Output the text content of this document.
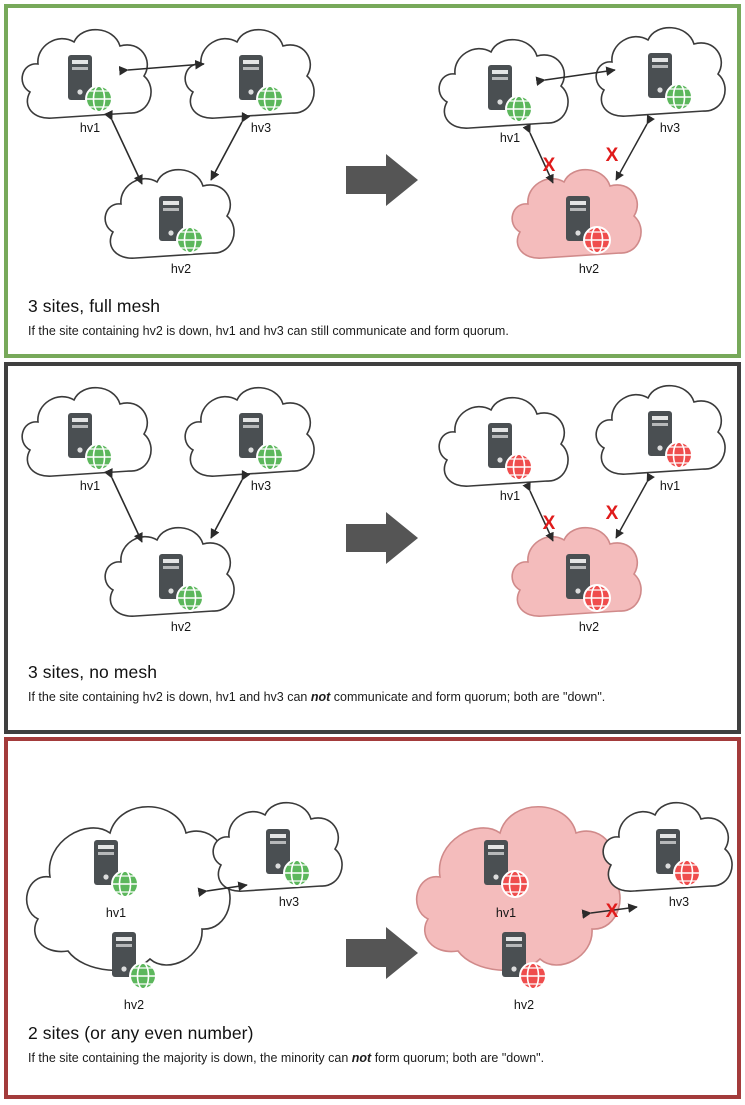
hv1	hv3
hv2
hv1
hv3
hv2
X	X
3 sites, full mesh
If the site containing hv2 is down, hv1 and hv3 can still communicate and form quorum.
hv1	hv3
hv2
hv1
hv1
hv2
X	X
3 sites, no mesh
If the site containing hv2 is down, hv1 and hv3 can not communicate and form quorum; both are "down".
hv1
hv2
hv3
hv1
hv2
hv3
X
2 sites (or any even number)
If the site containing the majority is down, the minority can not form quorum; both are "down".
